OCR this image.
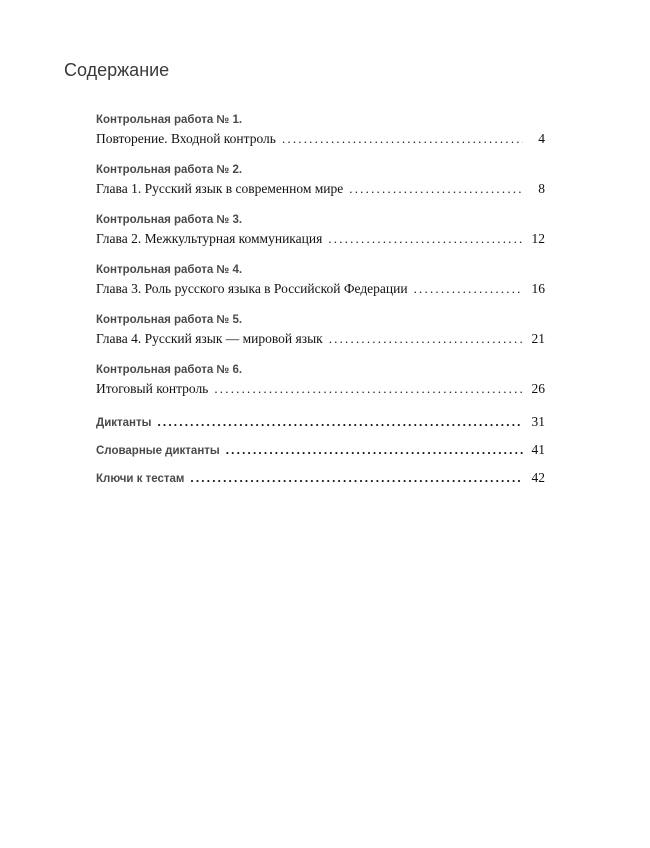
Содержание
Контрольная работа № 1.
Повторение. Входной контроль .....	4
Контрольная работа № 2.
Глава 1. Русский язык в современном мире .....	8
Контрольная работа № 3.
Глава 2. Межкультурная коммуникация .....	12
Контрольная работа № 4.
Глава 3. Роль русского языка в Российской Федерации .....	16
Контрольная работа № 5.
Глава 4. Русский язык — мировой язык .....	21
Контрольная работа № 6.
Итоговый контроль .....	26
Диктанты .....	31
Словарные диктанты .....	41
Ключи к тестам .....	42
